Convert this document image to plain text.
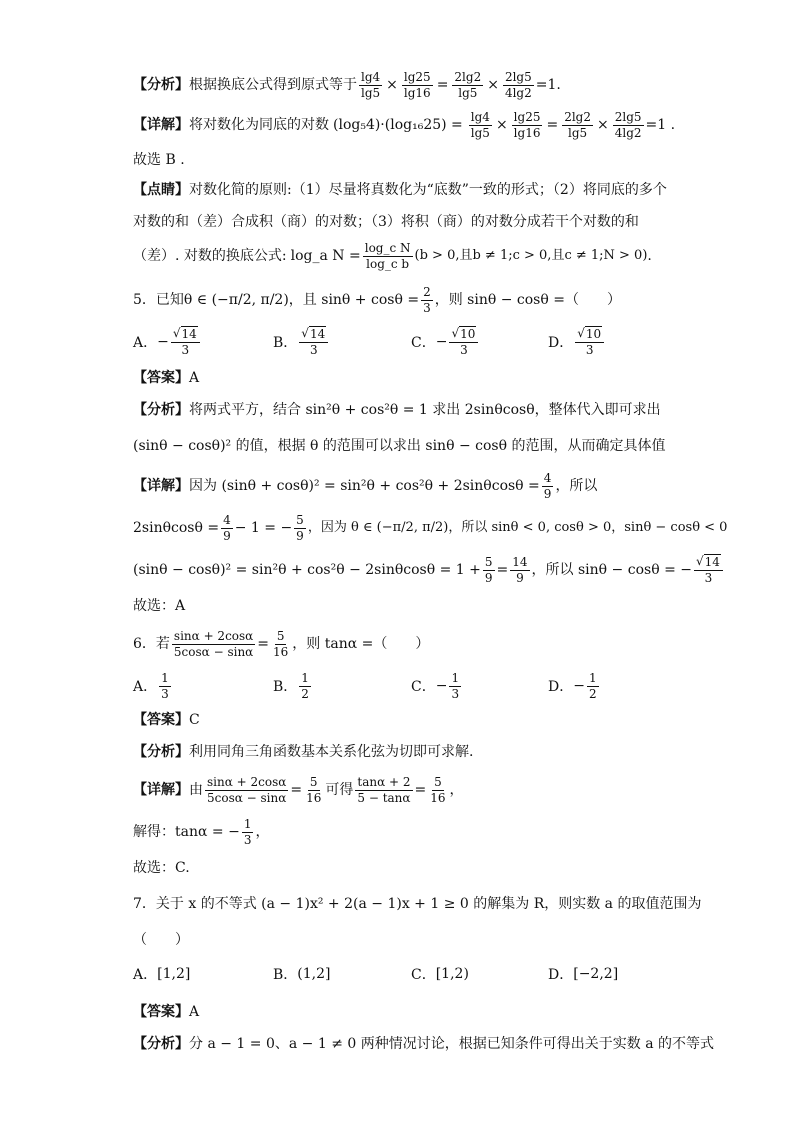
【分析】 根据换底公式得到原式等于 $\frac{\lg 4}{\lg 5} \times \frac{\lg 25}{\lg 16} = \frac{2\lg 2}{\lg 5} \times \frac{2\lg 5}{4\lg 2} =1$.
【详解】 将对数化为同底的对数 $(\log_54)\cdot(\log_{16}25) = \frac{\lg 4}{\lg 5} \times \frac{\lg 25}{\lg 16} = \frac{2\lg 2}{\lg 5} \times \frac{2\lg 5}{4\lg 2} =1$ .
故选 B .
【点睛】 对数化简的原则:（1）尽量将真数化为“底数”一致的形式；（2）将同底的多个
对数的和（差）合成积（商）的对数；（3）将积（商）的对数分成若干个对数的和
（差）. 对数的换底公式: log_a $N = \frac{\text{log\_c N}}{\text{log\_c b}} (b > 0$,且b ≠ 1;c > 0,且c ≠ 1;N > 0) .
5．已知θ ∈ (−π/2, π/2)，且 $\sin\theta + \cos\theta = \frac{2}{3}$ ，则 sinθ − cosθ =（　　）
A． − $\frac{√ 14}{3}$	B． $\frac{√ 14}{3}$	C． − $\frac{√ 10}{3}$	D． $\frac{√ 10}{3}$
【答案】 A
【分析】 将两式平方，结合 sin²θ + cos²θ = 1 求出 2sinθcosθ，整体代入即可求出
(sinθ − cosθ)² 的值，根据 θ 的范围可以求出 sinθ − cosθ 的范围，从而确定具体值
【详解】 因为 $(\sin\theta + \cos\theta)^2 = \sin^2\theta + \cos^2\theta + 2\sin\theta\cos\theta = \frac{4}{9}$ ，所以
$2\sin\theta\cos\theta = \frac{4}{9} - 1$ = − $\frac{5}{9}$ ，因为 θ ∈ (−π/2, π/2)，所以 sinθ < 0, cosθ > 0，sinθ − cosθ < 0
$(\sin\theta - \cos\theta)^2 = \sin^2\theta + \cos^2\theta - 2\sin\theta\cos\theta = 1 + \frac{5}{9} = \frac{14}{9}$ ，所以 sinθ − cosθ = − $\frac{√ 14}{3}$
故选：A
6．若 $\frac{\sin\alpha + 2\cos\alpha}{5\cos\alpha - \sin\alpha} = \frac{5}{16}$ ，则 tanα =（　　）
A． $\frac{1}{3}$	B． $\frac{1}{2}$	C． − $\frac{1}{3}$	D． − $\frac{1}{2}$
【答案】 C
【分析】 利用同角三角函数基本关系化弦为切即可求解.
【详解】 由 $\frac{\sin\alpha + 2\cos\alpha}{5\cos\alpha - \sin\alpha} = \frac{5}{16}$ 可得 $\frac{\tan\alpha + 2}{5 - \tan\alpha} = \frac{5}{16}$ ，
解得：tanα = − $\frac{1}{3}$ ，
故选：C.
7．关于 x 的不等式 (a − 1)x² + 2(a − 1)x + 1 ≥ 0 的解集为 R，则实数 a 的取值范围为
（　　）
A． [1,2]	B． (1,2]	C． [1,2)	D． [−2,2]
【答案】 A
【分析】 分 a − 1 = 0、a − 1 ≠ 0 两种情况讨论，根据已知条件可得出关于实数 a 的不等式
